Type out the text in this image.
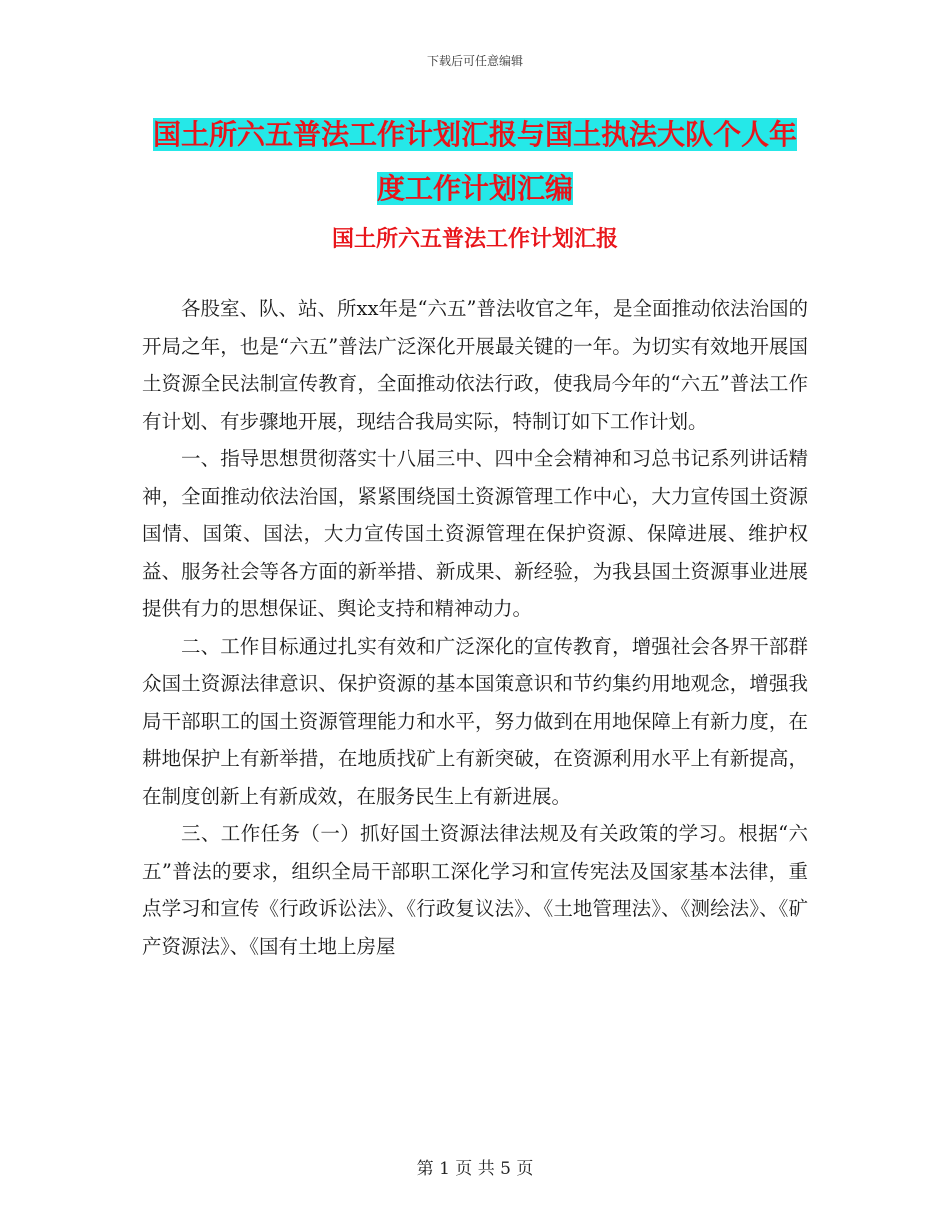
下载后可任意编辑
国土所六五普法工作计划汇报与国土执法大队个人年度工作计划汇编
国土所六五普法工作计划汇报

各股室、队、站、所xx年是“六五”普法收官之年，是全面推动依法治国的开局之年，也是“六五”普法广泛深化开展最关键的一年。为切实有效地开展国土资源全民法制宣传教育，全面推动依法行政，使我局今年的“六五”普法工作有计划、有步骤地开展，现结合我局实际，特制订如下工作计划。

一、指导思想贯彻落实十八届三中、四中全会精神和习总书记系列讲话精神，全面推动依法治国，紧紧围绕国土资源管理工作中心，大力宣传国土资源国情、国策、国法，大力宣传国土资源管理在保护资源、保障进展、维护权益、服务社会等各方面的新举措、新成果、新经验，为我县国土资源事业进展提供有力的思想保证、舆论支持和精神动力。

二、工作目标通过扎实有效和广泛深化的宣传教育，增强社会各界干部群众国土资源法律意识、保护资源的基本国策意识和节约集约用地观念，增强我局干部职工的国土资源管理能力和水平，努力做到在用地保障上有新力度，在耕地保护上有新举措，在地质找矿上有新突破，在资源利用水平上有新提高，在制度创新上有新成效，在服务民生上有新进展。

三、工作任务（一）抓好国土资源法律法规及有关政策的学习。根据“六五”普法的要求，组织全局干部职工深化学习和宣传宪法及国家基本法律，重点学习和宣传《行政诉讼法》、《行政复议法》、《土地管理法》、《测绘法》、《矿产资源法》、《国有土地上房屋

第 1 页 共 5 页
